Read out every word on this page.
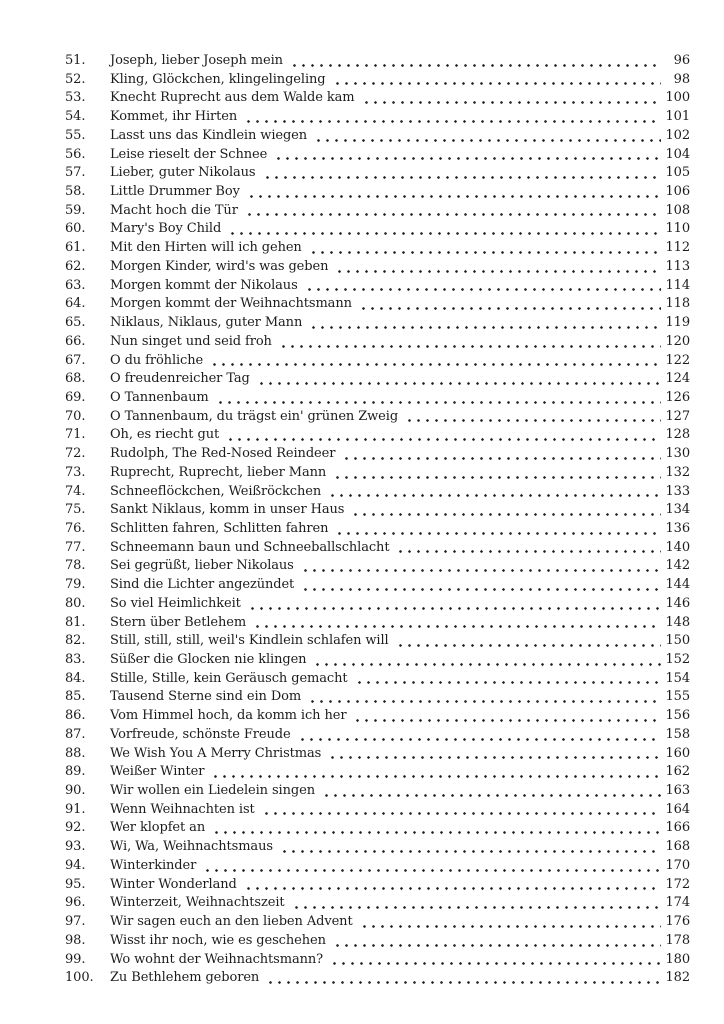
51.	Joseph, lieber Joseph mein	96
52.	Kling, Glöckchen, klingelingeling	98
53.	Knecht Ruprecht aus dem Walde kam	100
54.	Kommet, ihr Hirten	101
55.	Lasst uns das Kindlein wiegen	102
56.	Leise rieselt der Schnee	104
57.	Lieber, guter Nikolaus	105
58.	Little Drummer Boy	106
59.	Macht hoch die Tür	108
60.	Mary's Boy Child	110
61.	Mit den Hirten will ich gehen	112
62.	Morgen Kinder, wird's was geben	113
63.	Morgen kommt der Nikolaus	114
64.	Morgen kommt der Weihnachtsmann	118
65.	Niklaus, Niklaus, guter Mann	119
66.	Nun singet und seid froh	120
67.	O du fröhliche	122
68.	O freudenreicher Tag	124
69.	O Tannenbaum	126
70.	O Tannenbaum, du trägst ein' grünen Zweig	127
71.	Oh, es riecht gut	128
72.	Rudolph, The Red-Nosed Reindeer	130
73.	Ruprecht, Ruprecht, lieber Mann	132
74.	Schneeflöckchen, Weißröckchen	133
75.	Sankt Niklaus, komm in unser Haus	134
76.	Schlitten fahren, Schlitten fahren	136
77.	Schneemann baun und Schneeballschlacht	140
78.	Sei gegrüßt, lieber Nikolaus	142
79.	Sind die Lichter angezündet	144
80.	So viel Heimlichkeit	146
81.	Stern über Betlehem	148
82.	Still, still, still, weil's Kindlein schlafen will	150
83.	Süßer die Glocken nie klingen	152
84.	Stille, Stille, kein Geräusch gemacht	154
85.	Tausend Sterne sind ein Dom	155
86.	Vom Himmel hoch, da komm ich her	156
87.	Vorfreude, schönste Freude	158
88.	We Wish You A Merry Christmas	160
89.	Weißer Winter	162
90.	Wir wollen ein Liedelein singen	163
91.	Wenn Weihnachten ist	164
92.	Wer klopfet an	166
93.	Wi, Wa, Weihnachtsmaus	168
94.	Winterkinder	170
95.	Winter Wonderland	172
96.	Winterzeit, Weihnachtszeit	174
97.	Wir sagen euch an den lieben Advent	176
98.	Wisst ihr noch, wie es geschehen	178
99.	Wo wohnt der Weihnachtsmann?	180
100.	Zu Bethlehem geboren	182
